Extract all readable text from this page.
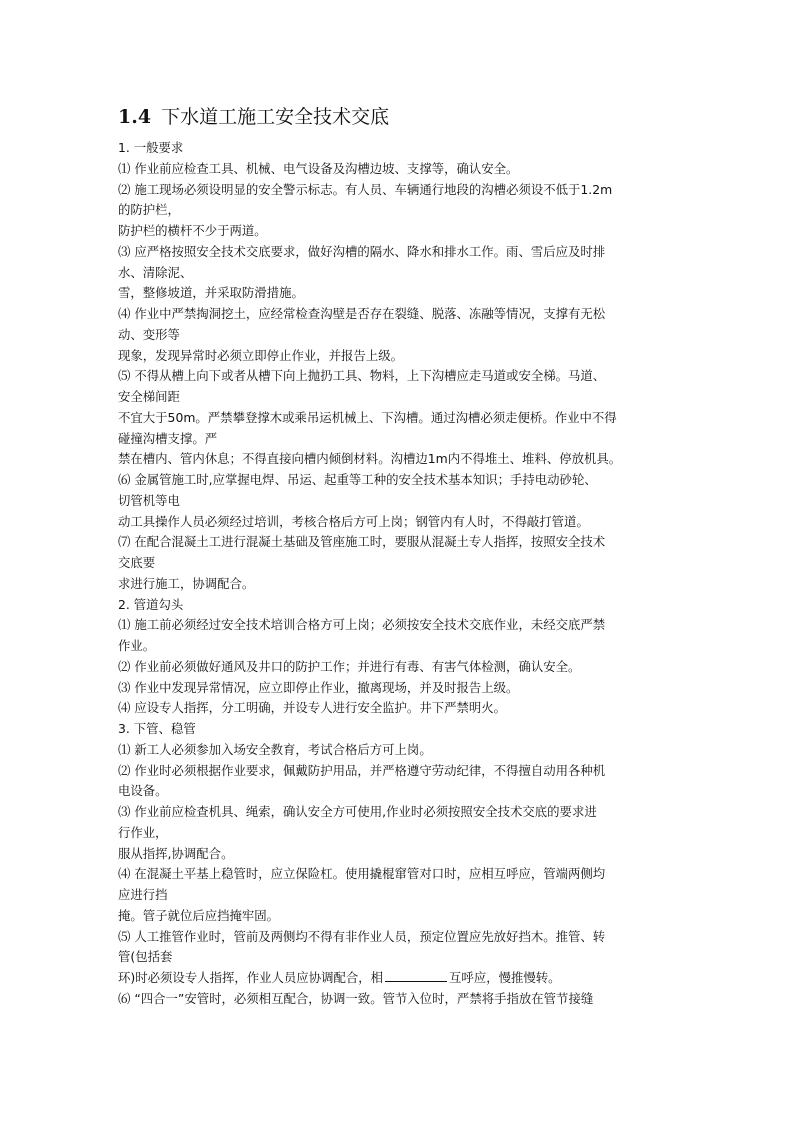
1.4 下水道工施工安全技术交底
1. 一般要求
⑴ 作业前应检查工具、机械、电气设备及沟槽边坡、支撑等，确认安全。
⑵ 施工现场必须设明显的安全警示标志。有人员、车辆通行地段的沟槽必须设不低于1.2m
的防护栏，
防护栏的横杆不少于两道。
⑶ 应严格按照安全技术交底要求，做好沟槽的隔水、降水和排水工作。雨、雪后应及时排
水、清除泥、
雪，整修坡道，并采取防滑措施。
⑷ 作业中严禁掏洞挖土，应经常检查沟壁是否存在裂缝、脱落、冻融等情况，支撑有无松
动、变形等
现象，发现异常时必须立即停止作业，并报告上级。
⑸ 不得从槽上向下或者从槽下向上抛扔工具、物料，上下沟槽应走马道或安全梯。马道、
安全梯间距
不宜大于50m。严禁攀登撑木或乘吊运机械上、下沟槽。通过沟槽必须走便桥。作业中不得
碰撞沟槽支撑。严
禁在槽内、管内休息；不得直接向槽内倾倒材料。沟槽边1m内不得堆土、堆料、停放机具。
⑹ 金属管施工时,应掌握电焊、吊运、起重等工种的安全技术基本知识；手持电动砂轮、
切管机等电
动工具操作人员必须经过培训，考核合格后方可上岗；钢管内有人时，不得敲打管道。
⑺ 在配合混凝土工进行混凝土基础及管座施工时，要服从混凝土专人指挥，按照安全技术
交底要
求进行施工，协调配合。
2. 管道勾头
⑴ 施工前必须经过安全技术培训合格方可上岗；必须按安全技术交底作业，未经交底严禁
作业。
⑵ 作业前必须做好通风及井口的防护工作；并进行有毒、有害气体检测，确认安全。
⑶ 作业中发现异常情况，应立即停止作业，撤离现场，并及时报告上级。
⑷ 应设专人指挥，分工明确，并设专人进行安全监护。井下严禁明火。
3. 下管、稳管
⑴ 新工人必须参加入场安全教育，考试合格后方可上岗。
⑵ 作业时必须根据作业要求，佩戴防护用品，并严格遵守劳动纪律，不得擅自动用各种机
电设备。
⑶ 作业前应检查机具、绳索，确认安全方可使用,作业时必须按照安全技术交底的要求进
行作业，
服从指挥,协调配合。
⑷ 在混凝土平基上稳管时，应立保险杠。使用撬棍窜管对口时，应相互呼应，管端两侧均
应进行挡
掩。管子就位后应挡掩牢固。
⑸ 人工推管作业时，管前及两侧均不得有非作业人员，预定位置应先放好挡木。推管、转
管(包括套
环)时必须设专人指挥，作业人员应协调配合，相	互呼应，慢推慢转。
⑹ “四合一”安管时，必须相互配合，协调一致。管节入位时，严禁将手指放在管节接缝
